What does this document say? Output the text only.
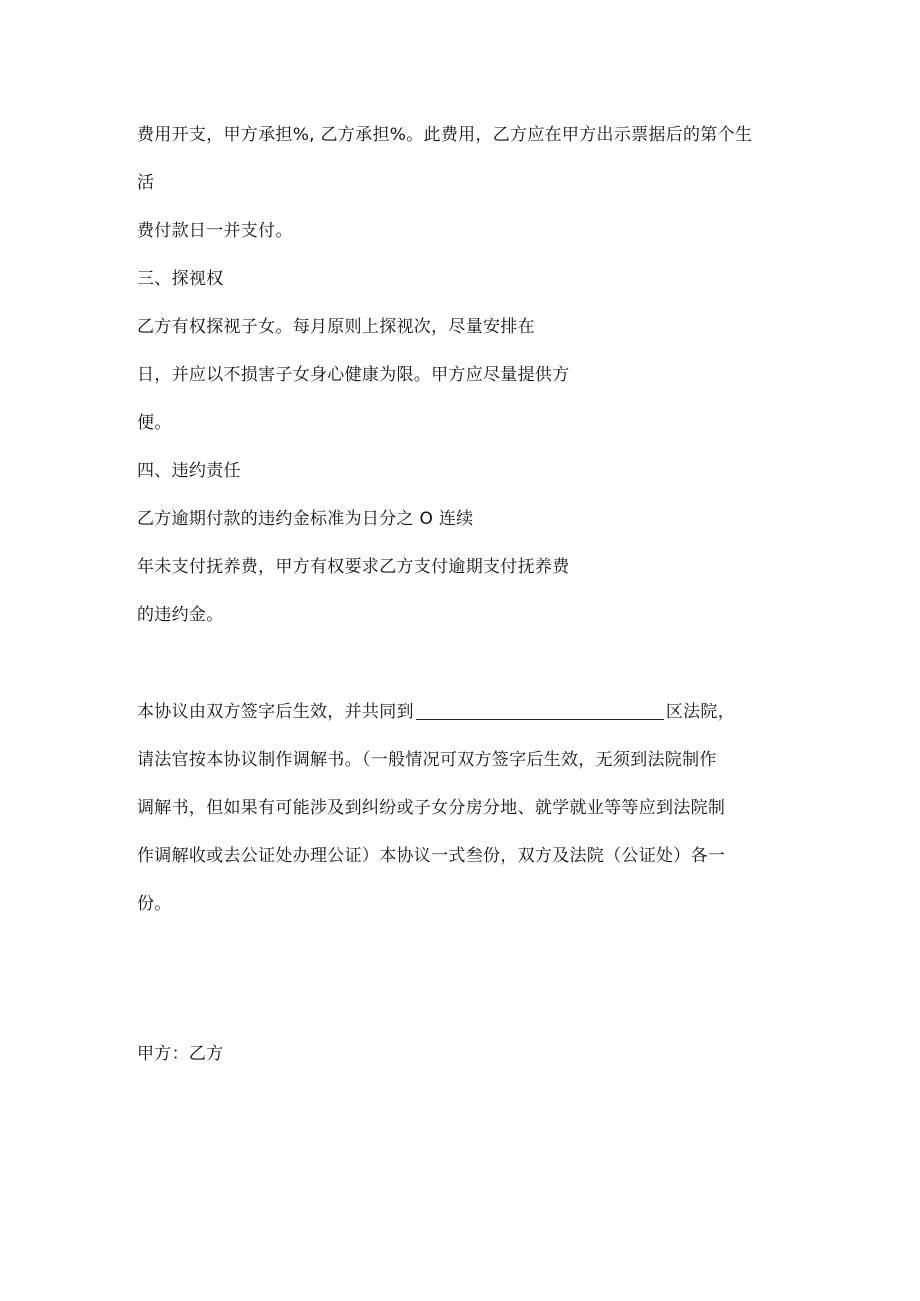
费用开支，甲方承担%, 乙方承担%。此费用，乙方应在甲方出示票据后的第个生
活
费付款日一并支付。
三、探视权
乙方有权探视子女。每月原则上探视次，尽量安排在
日，并应以不损害子女身心健康为限。甲方应尽量提供方
便。
四、违约责任
乙方逾期付款的违约金标准为日分之 O 连续
年未支付抚养费，甲方有权要求乙方支付逾期支付抚养费
的违约金。
本协议由双方签字后生效，并共同到	区法院，
请法官按本协议制作调解书。（一般情况可双方签字后生效，无须到法院制作
调解书，但如果有可能涉及到纠纷或子女分房分地、就学就业等等应到法院制
作调解收或去公证处办理公证）本协议一式叁份，双方及法院（公证处）各一
份。
甲方：乙方
